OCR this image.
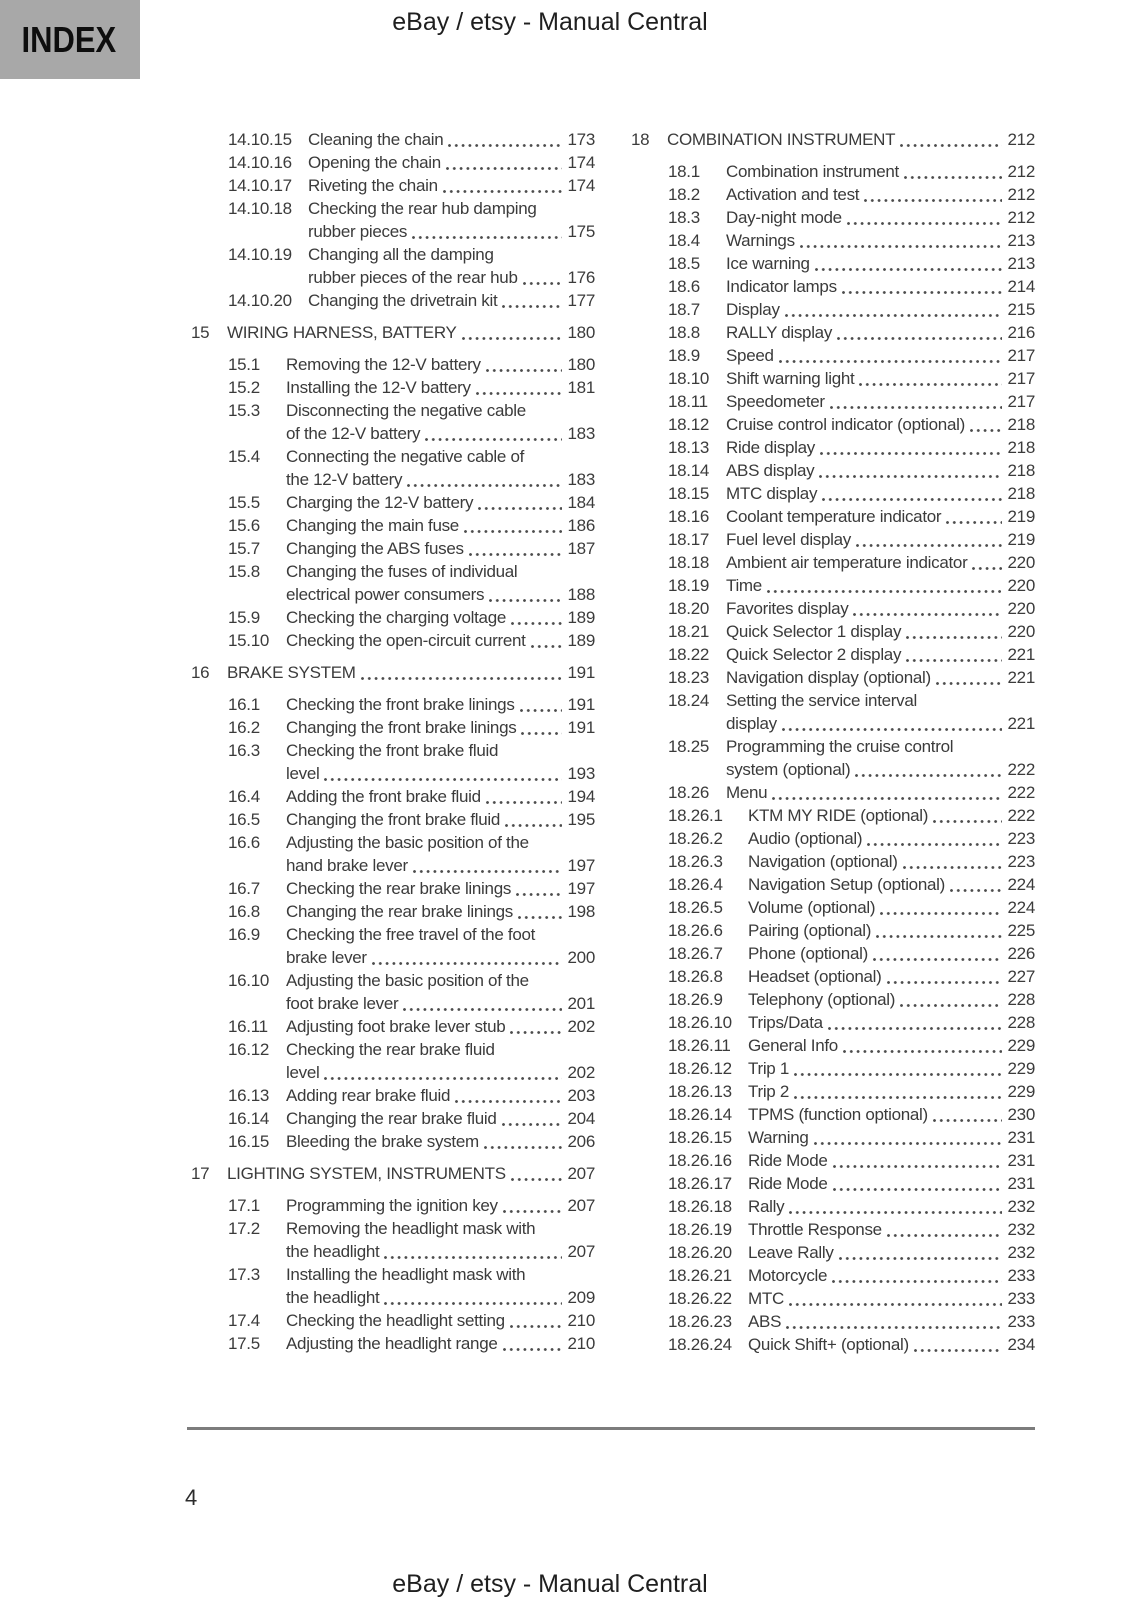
INDEX	eBay / etsy - Manual Central
14.10.15 Cleaning the chain	173
14.10.16 Opening the chain	174
14.10.17 Riveting the chain	174
14.10.18 Checking the rear hub damping
rubber pieces	175
14.10.19 Changing all the damping
rubber pieces of the rear hub	176
14.10.20 Changing the drivetrain kit	177
15	WIRING HARNESS, BATTERY	180
15.1	Removing the 12-V battery	180
15.2	Installing the 12-V battery	181
15.3	Disconnecting the negative cable
of the 12-V battery	183
15.4	Connecting the negative cable of
the 12-V battery	183
15.5	Charging the 12-V battery	184
15.6	Changing the main fuse	186
15.7	Changing the ABS fuses	187
15.8	Changing the fuses of individual
electrical power consumers	188
15.9	Checking the charging voltage	189
15.10 Checking the open-circuit current 189
16	BRAKE SYSTEM	191
16.1	Checking the front brake linings	191
16.2	Changing the front brake linings	191
16.3	Checking the front brake fluid
level	193
16.4	Adding the front brake fluid	194
16.5	Changing the front brake fluid	195
16.6	Adjusting the basic position of the
hand brake lever	197
16.7	Checking the rear brake linings	197
16.8	Changing the rear brake linings	198
16.9	Checking the free travel of the foot
brake lever	200
16.10 Adjusting the basic position of the
foot brake lever	201
16.11	Adjusting foot brake lever stub	202
16.12 Checking the rear brake fluid
level	202
16.13 Adding rear brake fluid	203
16.14 Changing the rear brake fluid	204
16.15 Bleeding the brake system	206
17	LIGHTING SYSTEM, INSTRUMENTS	207
17.1	Programming the ignition key	207
17.2	Removing the headlight mask with
the headlight	207
17.3	Installing the headlight mask with
the headlight	209
17.4	Checking the headlight setting	210
17.5	Adjusting the headlight range	210
18	COMBINATION INSTRUMENT	212
18.1	Combination instrument	212
18.2	Activation and test	212
18.3	Day-night mode	212
18.4	Warnings	213
18.5	Ice warning	213
18.6	Indicator lamps	214
18.7	Display	215
18.8	RALLY display	216
18.9	Speed	217
18.10 Shift warning light	217
18.11	Speedometer	217
18.12 Cruise control indicator (optional)	218
18.13 Ride display	218
18.14 ABS display	218
18.15 MTC display	218
18.16 Coolant temperature indicator	219
18.17 Fuel level display	219
18.18 Ambient air temperature indicator 220
18.19 Time	220
18.20 Favorites display	220
18.21 Quick Selector 1 display	220
18.22 Quick Selector 2 display	221
18.23 Navigation display (optional)	221
18.24 Setting the service interval
display	221
18.25 Programming the cruise control
system (optional)	222
18.26 Menu	222
18.26.1	KTM MY RIDE (optional)	222
18.26.2	Audio (optional)	223
18.26.3	Navigation (optional)	223
18.26.4	Navigation Setup (optional)	224
18.26.5	Volume (optional)	224
18.26.6	Pairing (optional)	225
18.26.7	Phone (optional)	226
18.26.8	Headset (optional)	227
18.26.9	Telephony (optional)	228
18.26.10 Trips/Data	228
18.26.11	General Info	229
18.26.12 Trip 1	229
18.26.13 Trip 2	229
18.26.14 TPMS (function optional)	230
18.26.15 Warning	231
18.26.16 Ride Mode	231
18.26.17 Ride Mode	231
18.26.18 Rally	232
18.26.19 Throttle Response	232
18.26.20 Leave Rally	232
18.26.21 Motorcycle	233
18.26.22 MTC	233
18.26.23 ABS	233
18.26.24 Quick Shift+ (optional)	234
4
eBay / etsy - Manual Central
